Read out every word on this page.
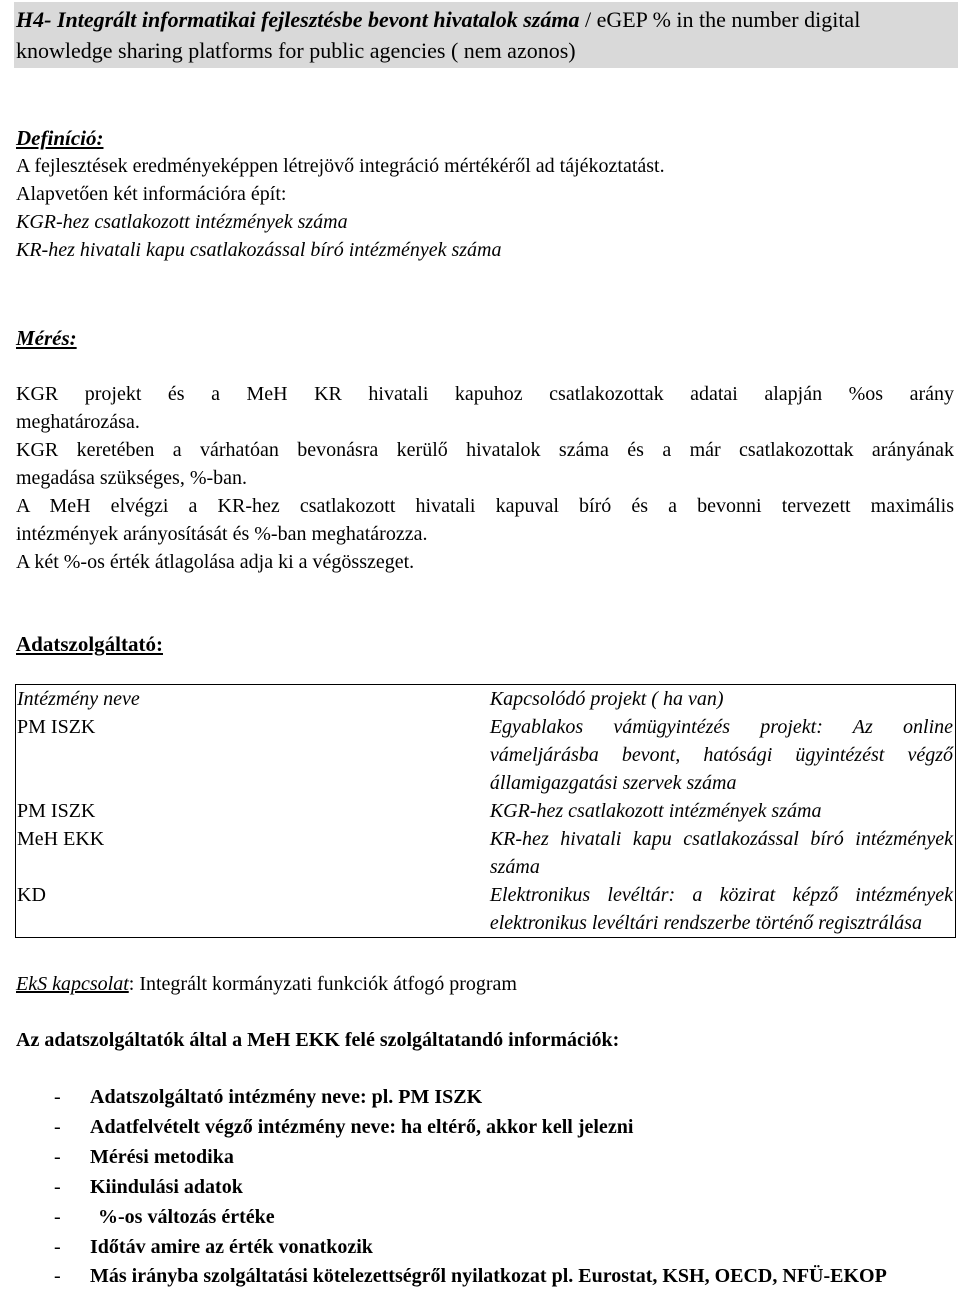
H4- Integrált informatikai fejlesztésbe bevont hivatalok száma / eGEP % in the number digital knowledge sharing platforms for public agencies ( nem azonos)
Definíció:
A fejlesztések eredményeképpen létrejövő integráció mértékéről ad tájékoztatást.
Alapvetően két információra épít:
KGR-hez csatlakozott intézmények száma
KR-hez hivatali kapu csatlakozással bíró intézmények száma
Mérés:
KGR projekt és a MeH KR hivatali kapuhoz csatlakozottak adatai alapján %os arány
meghatározása.
KGR keretében a várhatóan bevonásra kerülő hivatalok száma és a már csatlakozottak arányának
megadása szükséges, %-ban.
A MeH elvégzi a KR-hez csatlakozott hivatali kapuval bíró és a bevonni tervezett maximális
intézmények arányosítását és %-ban meghatározza.
A két %-os érték átlagolása adja ki a végösszeget.
Adatszolgáltató:
Intézmény neve	Kapcsolódó projekt ( ha van)

PM ISZK	Egyablakos vámügyintézés projekt: Az online
vámeljárásba bevont, hatósági ügyintézést végző
államigazgatási szervek száma

PM ISZK	KGR-hez csatlakozott intézmények száma

MeH EKK	KR-hez hivatali kapu csatlakozással bíró intézmények
száma

KD	Elektronikus levéltár: a közirat képző intézmények
elektronikus levéltári rendszerbe történő regisztrálása
EkS kapcsolat: Integrált kormányzati funkciók átfogó program
Az adatszolgáltatók által a MeH EKK felé szolgáltatandó információk:
- Adatszolgáltató intézmény neve: pl. PM ISZK
- Adatfelvételt végző intézmény neve: ha eltérő, akkor kell jelezni
- Mérési metodika
- Kiindulási adatok
- %-os változás értéke
- Időtáv amire az érték vonatkozik
- Más irányba szolgáltatási kötelezettségről nyilatkozat pl. Eurostat, KSH, OECD, NFÜ-EKOP
